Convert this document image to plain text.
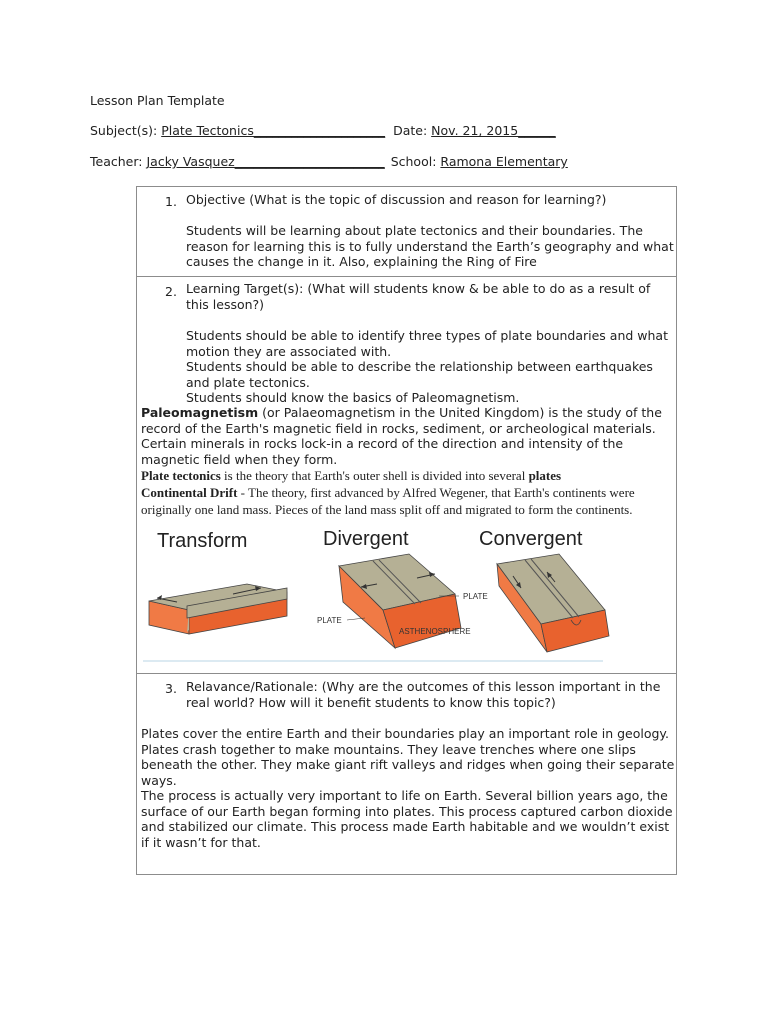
Lesson Plan Template
Subject(s): Plate Tectonics_____________________ Date: Nov. 21, 2015______
Teacher: Jacky Vasquez________________________ School: Ramona Elementary
1. Objective (What is the topic of discussion and reason for learning?)
Students will be learning about plate tectonics and their boundaries. The
reason for learning this is to fully understand the Earth’s geography and what
causes the change in it. Also, explaining the Ring of Fire
2. Learning Target(s): (What will students know & be able to do as a result of
this lesson?)
Students should be able to identify three types of plate boundaries and what
motion they are associated with.
Students should be able to describe the relationship between earthquakes
and plate tectonics.
Students should know the basics of Paleomagnetism.
Paleomagnetism (or Palaeomagnetism in the United Kingdom) is the study of the
record of the Earth's magnetic field in rocks, sediment, or archeological materials.
Certain minerals in rocks lock-in a record of the direction and intensity of the
magnetic field when they form.
Plate tectonics is the theory that Earth's outer shell is divided into several plates
Continental Drift - The theory, first advanced by Alfred Wegener, that Earth's continents were
originally one land mass. Pieces of the land mass split off and migrated to form the continents.
Transform	Divergent	Convergent
PLATE
PLATE
ASTHENOSPHERE
3. Relavance/Rationale: (Why are the outcomes of this lesson important in the
real world? How will it benefit students to know this topic?)
Plates cover the entire Earth and their boundaries play an important role in geology.
Plates crash together to make mountains. They leave trenches where one slips
beneath the other. They make giant rift valleys and ridges when going their separate
ways.
The process is actually very important to life on Earth. Several billion years ago, the
surface of our Earth began forming into plates. This process captured carbon dioxide
and stabilized our climate. This process made Earth habitable and we wouldn’t exist
if it wasn’t for that.
